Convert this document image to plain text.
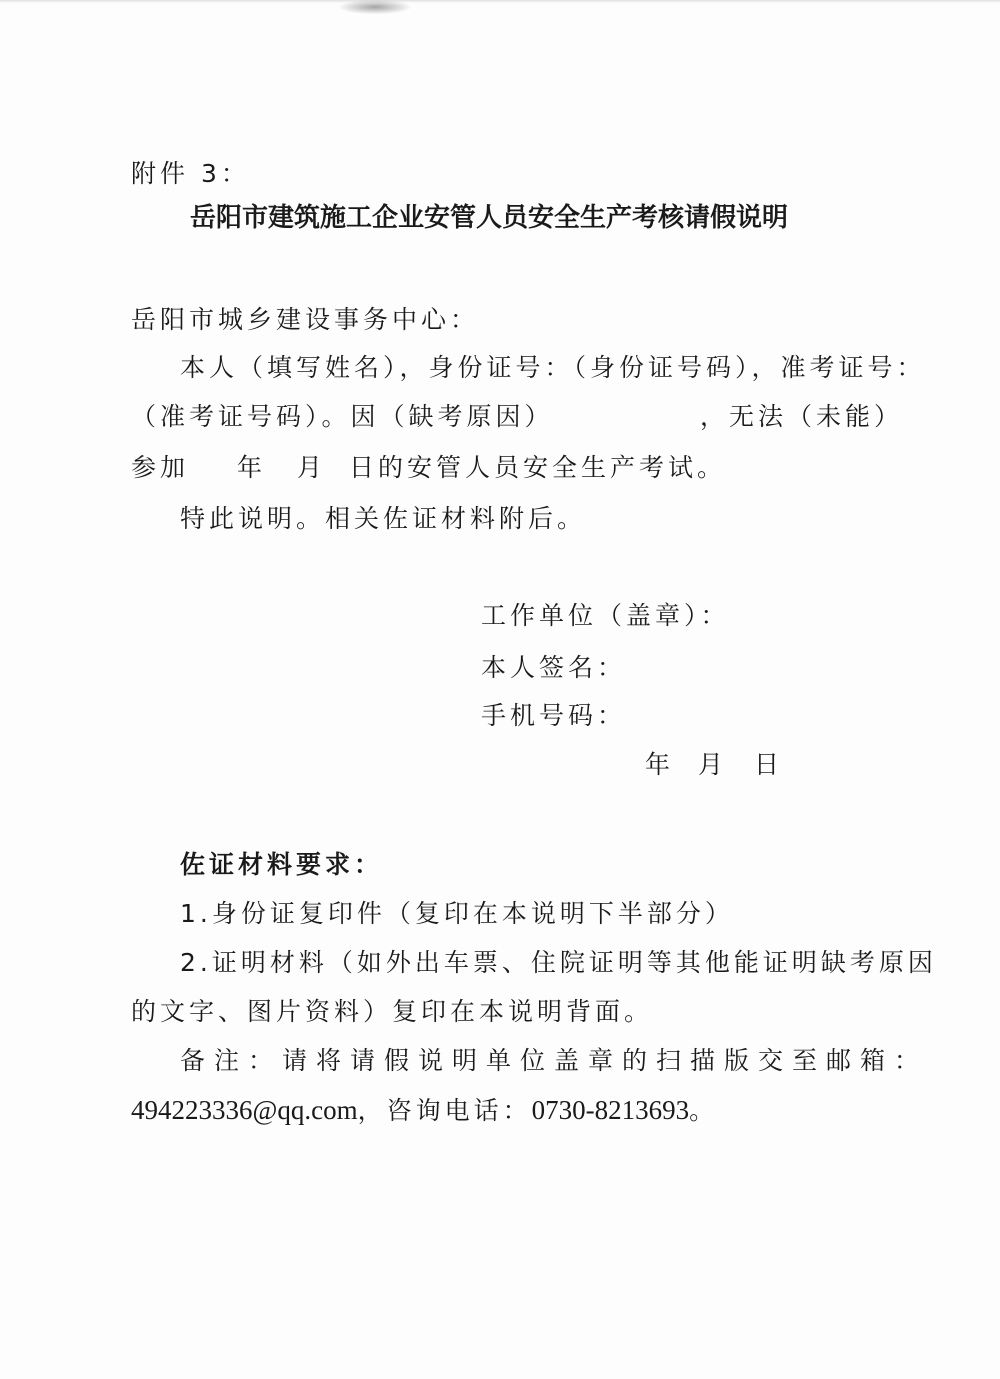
附件 3：
岳阳市建筑施工企业安管人员安全生产考核请假说明
岳阳市城乡建设事务中心：
本人（填写姓名），身份证号：（身份证号码），准考证号：
（准考证号码）。因（缺考原因）	，无法（未能）
参加 年 月 日的安管人员安全生产考试。
特此说明。相关佐证材料附后。
工作单位（盖章）：
本人签名：
手机号码：
年 月 日
佐证材料要求：
1.身份证复印件（复印在本说明下半部分）
2.证明材料（如外出车票、住院证明等其他能证明缺考原因
的文字、图片资料）复印在本说明背面。
备注：请将请假说明单位盖章的扫描版交至邮箱：
494223336@qq.com，咨询电话：0730-8213693。
